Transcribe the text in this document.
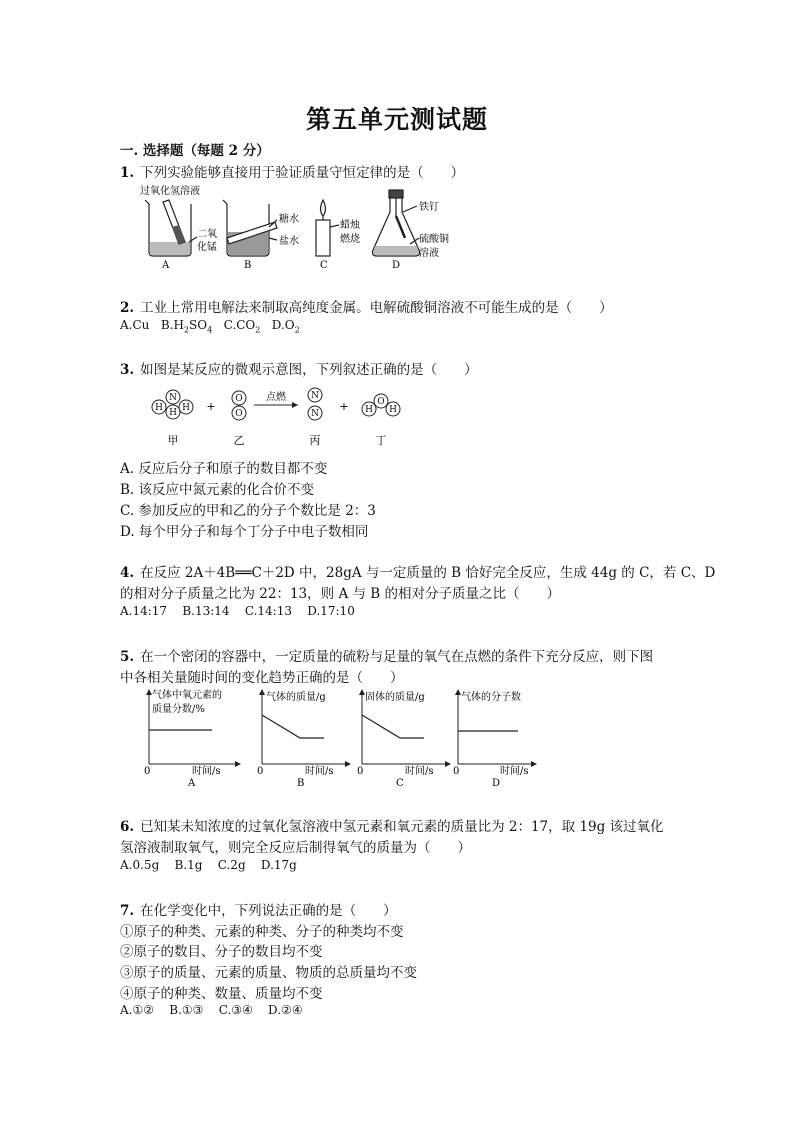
第五单元测试题
一. 选择题（每题 2 分）
1. 下列实验能够直接用于验证质量守恒定律的是（　　）
过氧化氢溶液
二氧
化锰
A
糖水
盐水
B
蜡烛
燃烧
C
铁钉
硫酸铜
溶液
D
2. 工业上常用电解法来制取高纯度金属。电解硫酸铜溶液不可能生成的是（　　）
A.Cu $B.H_2SO_4$ $C.CO_2$ $D.O_2$
3. 如图是某反应的微观示意图，下列叙述正确的是（　　）
N
H H H
O
O
N
N
O
H H
+	+
点燃
甲	乙	丙	丁
A. 反应后分子和原子的数目都不变
B. 该反应中氮元素的化合价不变
C. 参加反应的甲和乙的分子个数比是 2：3
D. 每个甲分子和每个丁分子中电子数相同
4. 在反应 2A＋4B══C＋2D 中，28gA 与一定质量的 B 恰好完全反应，生成 44g 的 C，若 C、D
的相对分子质量之比为 22：13，则 A 与 B 的相对分子质量之比（　　）
A.14:17 B.13:14 C.14:13 D.17:10
5. 在一个密闭的容器中，一定质量的硫粉与足量的氧气在点燃的条件下充分反应，则下图
中各相关量随时间的变化趋势正确的是（　　）
气体中氧元素的
质量分数/%
0	时间/s
A
气体的质量/g
0	时间/s
B
固体的质量/g
0	时间/s
C
气体的分子数
0	时间/s
D
6. 已知某未知浓度的过氧化氢溶液中氢元素和氧元素的质量比为 2：17，取 19g 该过氧化
氢溶液制取氧气，则完全反应后制得氧气的质量为（　　）
A.0.5g B.1g C.2g D.17g
7. 在化学变化中，下列说法正确的是（　　）
①原子的种类、元素的种类、分子的种类均不变
②原子的数目、分子的数目均不变
③原子的质量、元素的质量、物质的总质量均不变
④原子的种类、数量、质量均不变
A.①② B.①③ C.③④ D.②④
